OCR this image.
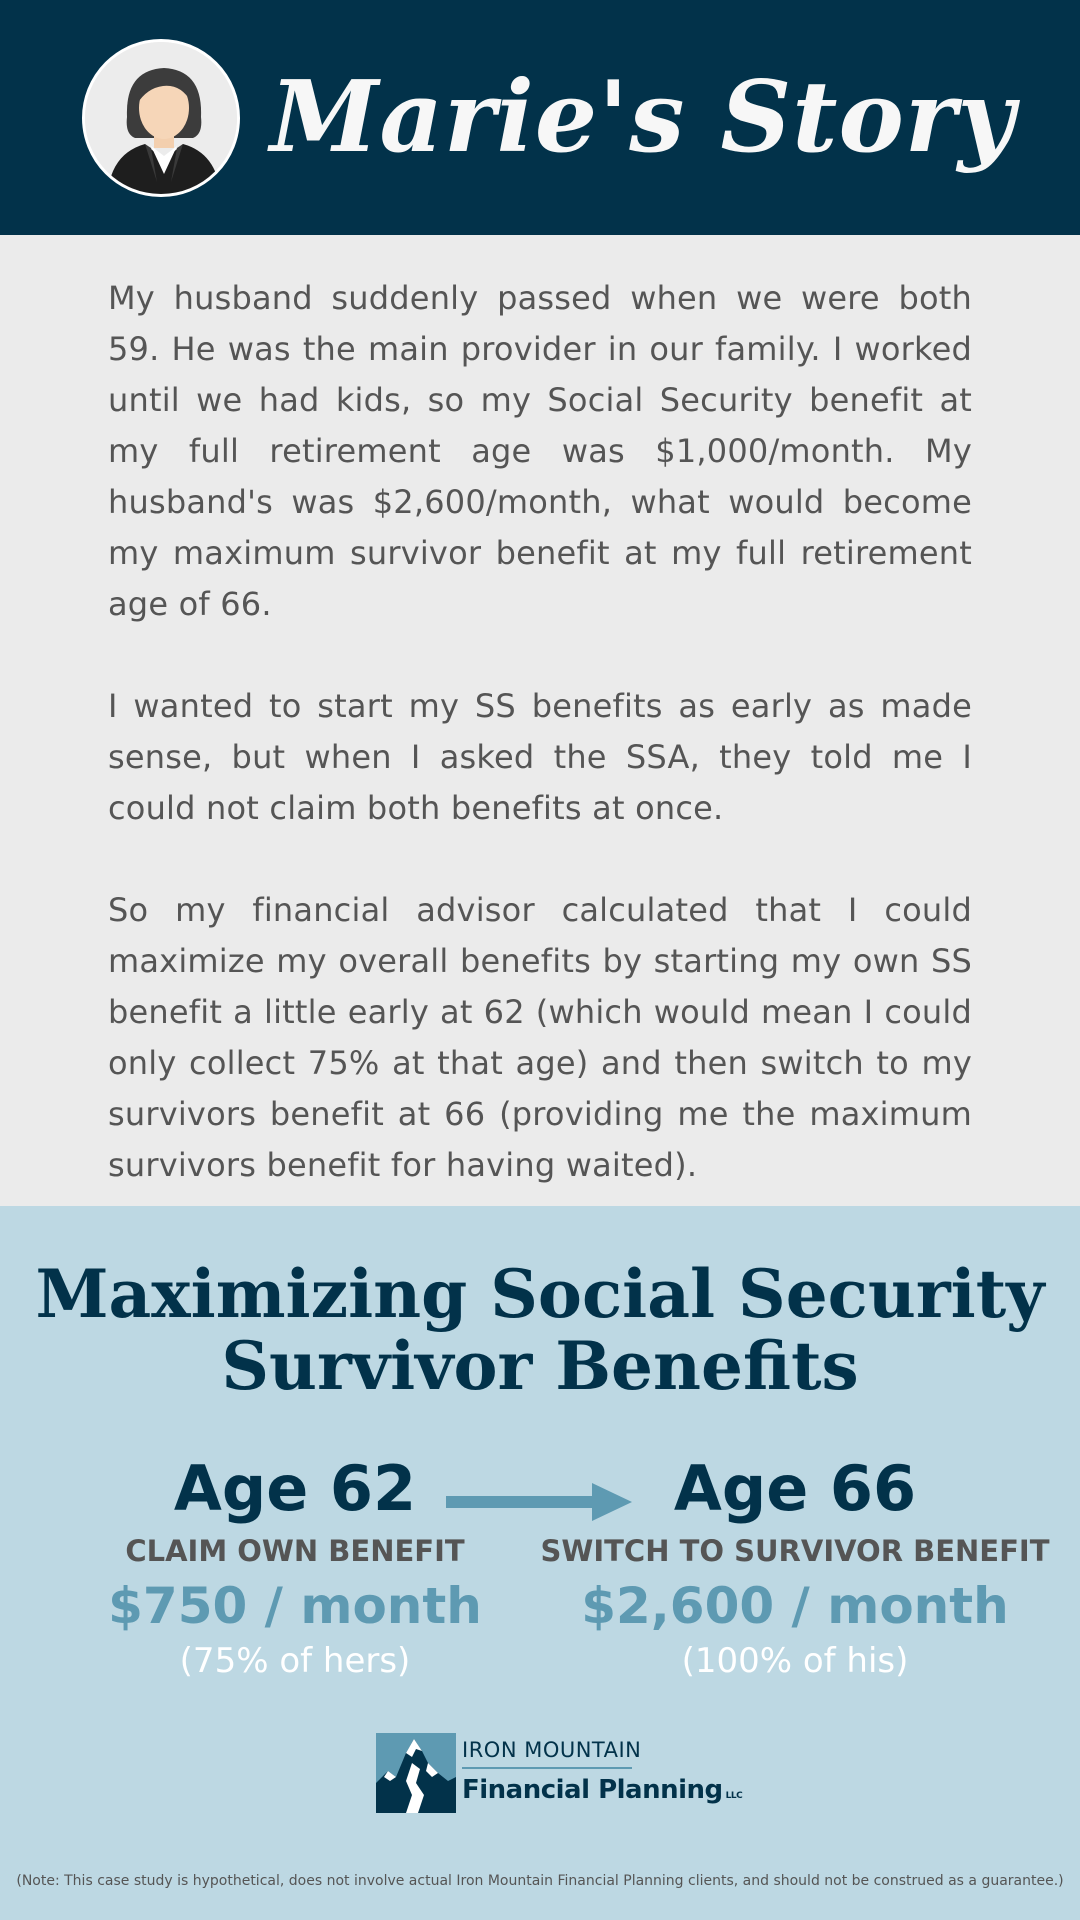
Marie's Story

My husband suddenly passed when we were both 59. He was the main provider in our family. I worked until we had kids, so my Social Security benefit at my full retirement age was $1,000/month. My husband's was $2,600/month, what would become my maximum survivor benefit at my full retirement age of 66.

I wanted to start my SS benefits as early as made sense, but when I asked the SSA, they told me I could not claim both benefits at once.

So my financial advisor calculated that I could maximize my overall benefits by starting my own SS benefit a little early at 62 (which would mean I could only collect 75% at that age) and then switch to my survivors benefit at 66 (providing me the maximum survivors benefit for having waited).

Maximizing Social Security
Survivor Benefits
Age 62
CLAIM OWN BENEFIT
$750 / month
(75% of hers)
Age 66
SWITCH TO SURVIVOR BENEFIT
$2,600 / month
(100% of his)
IRON MOUNTAIN
Financial Planning LLC
(Note: This case study is hypothetical, does not involve actual Iron Mountain Financial Planning clients, and should not be construed as a guarantee.)
